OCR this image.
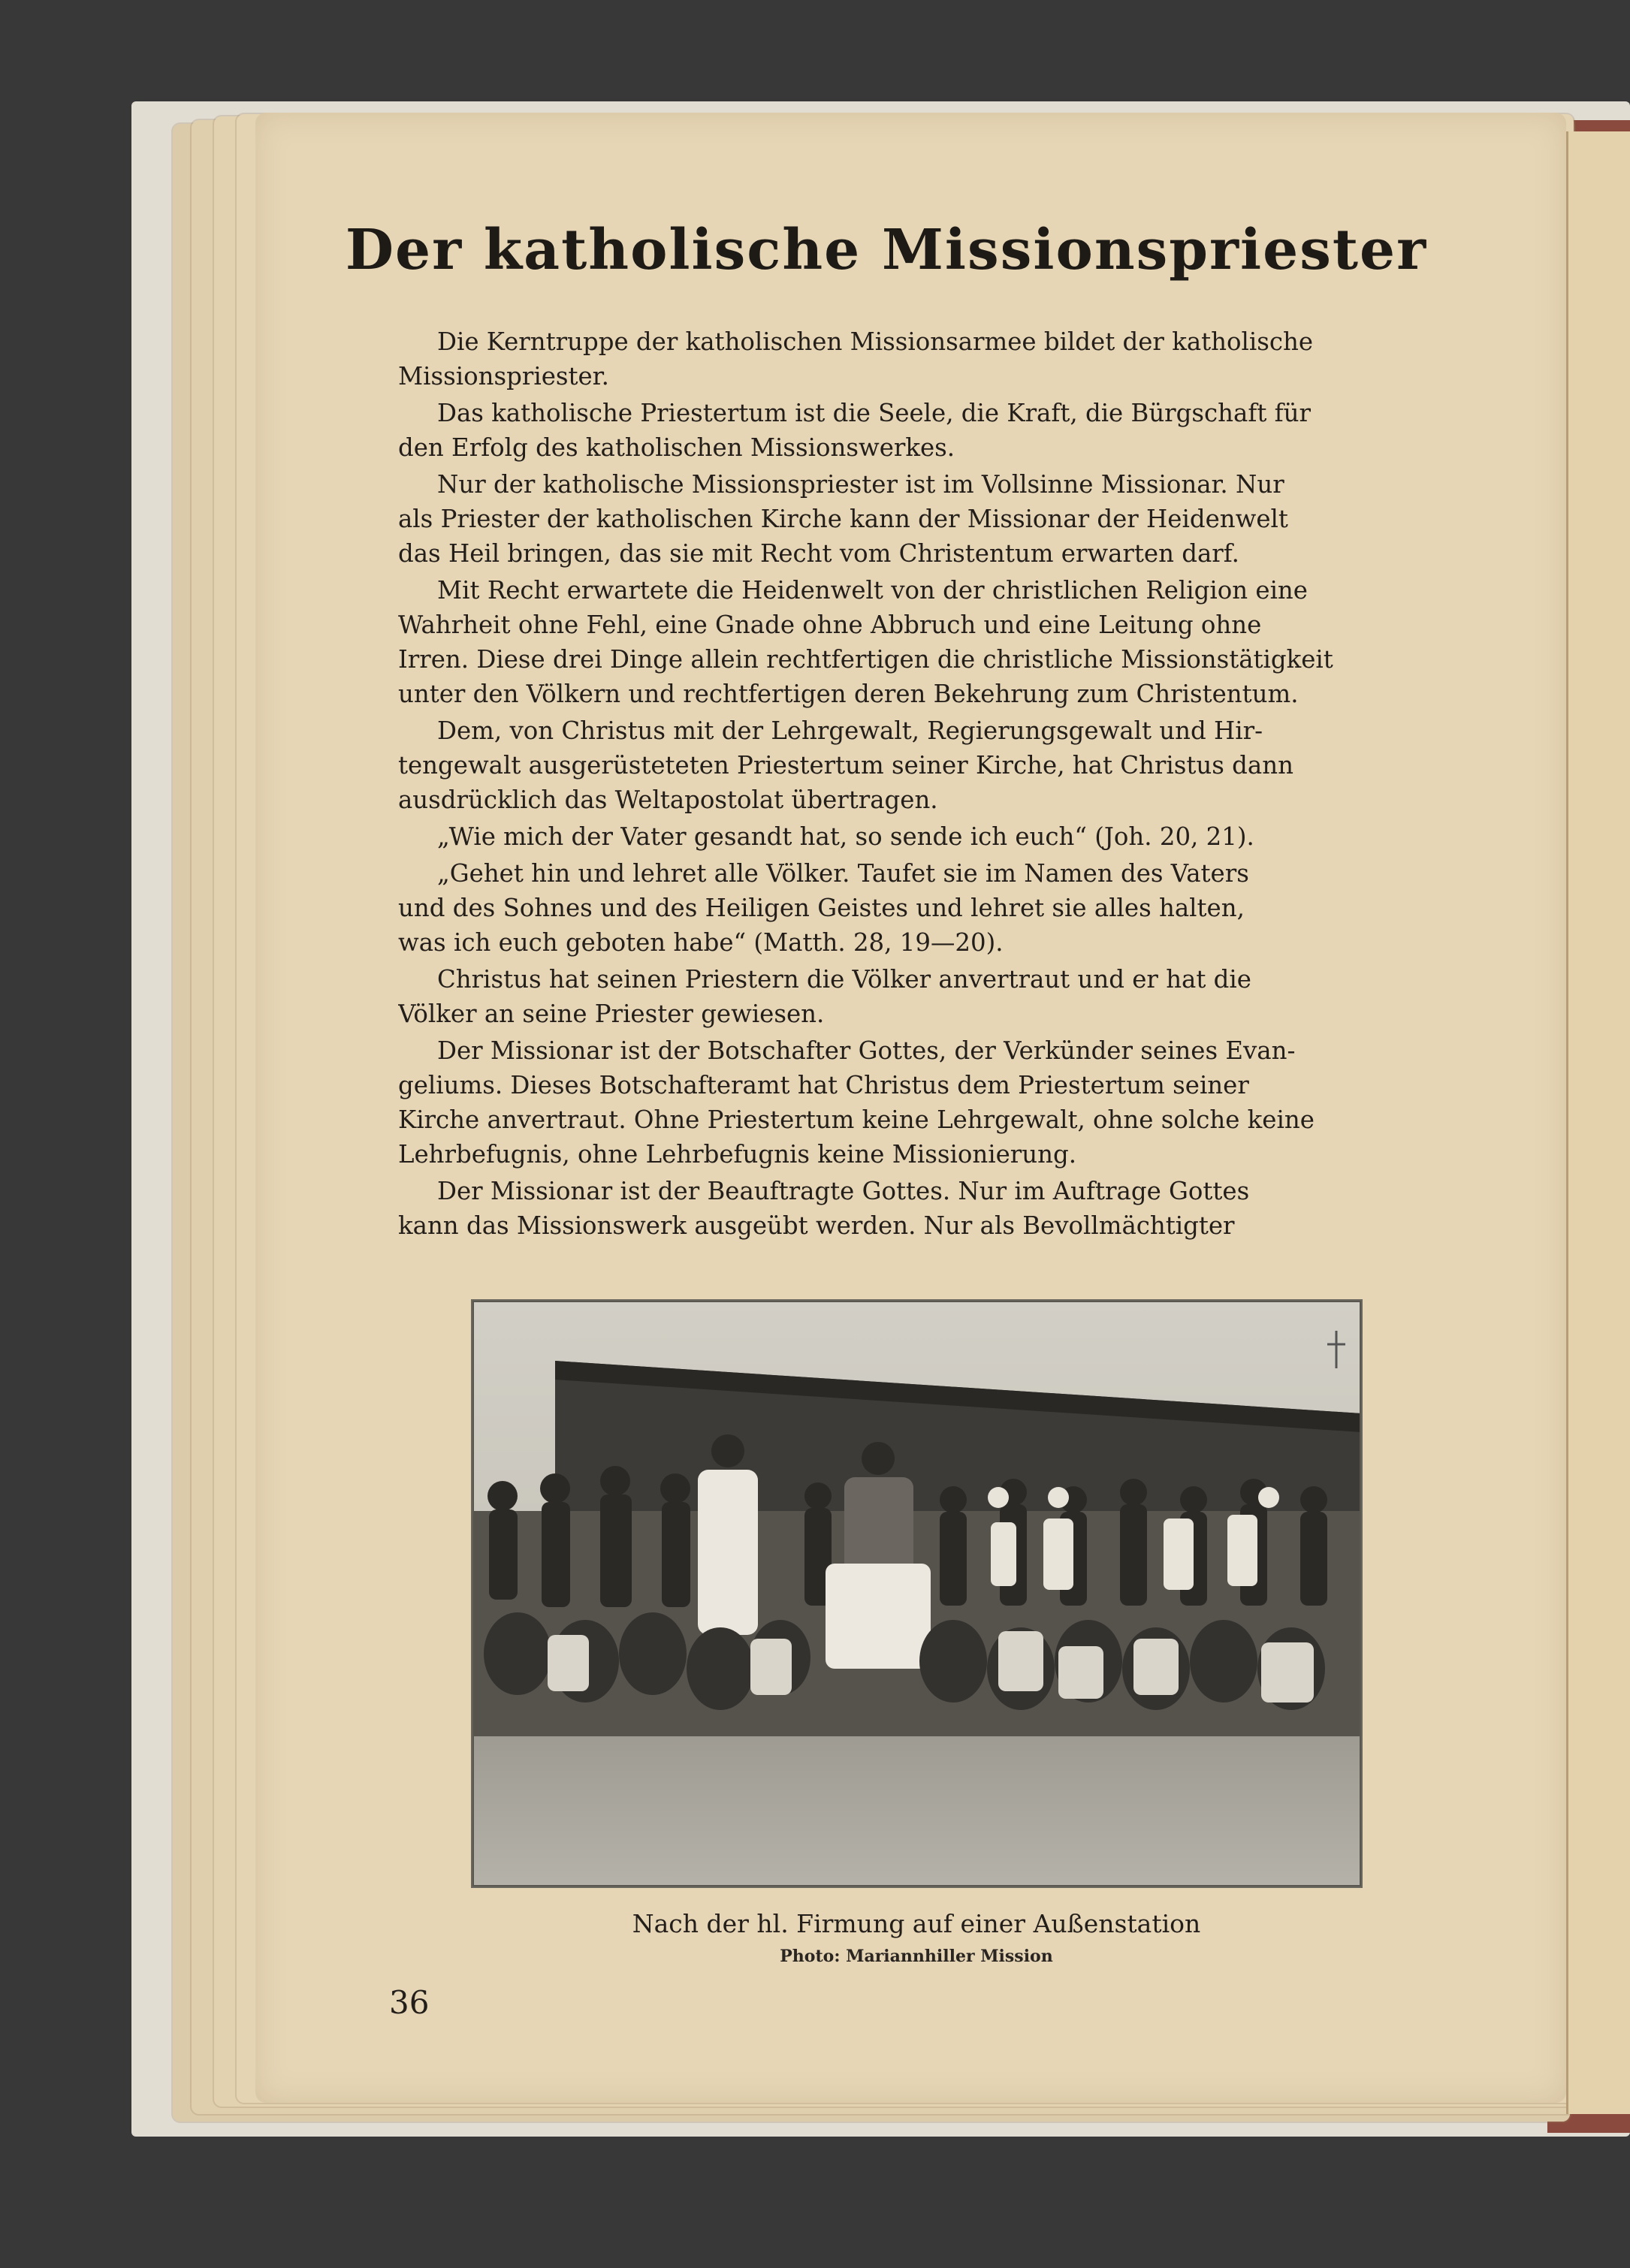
Der katholische Missionspriester
Die Kerntruppe der katholischen Missionsarmee bildet der katholische
Missionspriester.
Das katholische Priestertum ist die Seele, die Kraft, die Bürgschaft für
den Erfolg des katholischen Missionswerkes.
Nur der katholische Missionspriester ist im Vollsinne Missionar. Nur
als Priester der katholischen Kirche kann der Missionar der Heidenwelt
das Heil bringen, das sie mit Recht vom Christentum erwarten darf.
Mit Recht erwartete die Heidenwelt von der christlichen Religion eine
Wahrheit ohne Fehl, eine Gnade ohne Abbruch und eine Leitung ohne
Irren. Diese drei Dinge allein rechtfertigen die christliche Missionstätigkeit
unter den Völkern und rechtfertigen deren Bekehrung zum Christentum.
Dem, von Christus mit der Lehrgewalt, Regierungsgewalt und Hir-
tengewalt ausgerüsteteten Priestertum seiner Kirche, hat Christus dann
ausdrücklich das Weltapostolat übertragen.
„Wie mich der Vater gesandt hat, so sende ich euch“ (Joh. 20, 21).
„Gehet hin und lehret alle Völker. Taufet sie im Namen des Vaters
und des Sohnes und des Heiligen Geistes und lehret sie alles halten,
was ich euch geboten habe“ (Matth. 28, 19—20).
Christus hat seinen Priestern die Völker anvertraut und er hat die
Völker an seine Priester gewiesen.
Der Missionar ist der Botschafter Gottes, der Verkünder seines Evan-
geliums. Dieses Botschafteramt hat Christus dem Priestertum seiner
Kirche anvertraut. Ohne Priestertum keine Lehrgewalt, ohne solche keine
Lehrbefugnis, ohne Lehrbefugnis keine Missionierung.
Der Missionar ist der Beauftragte Gottes. Nur im Auftrage Gottes
kann das Missionswerk ausgeübt werden. Nur als Bevollmächtigter
Nach der hl. Firmung auf einer Außenstation
Photo: Mariannhiller Mission
36
